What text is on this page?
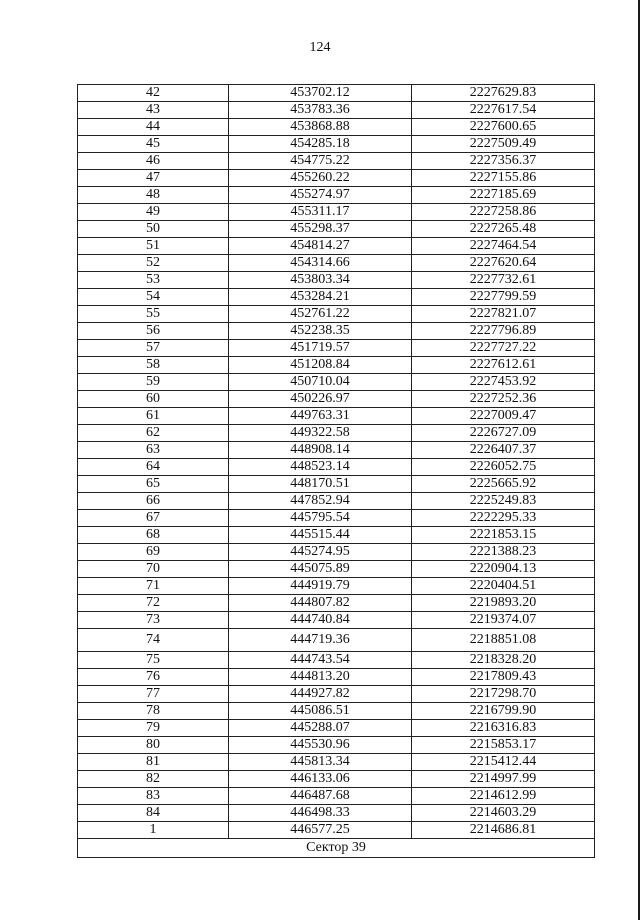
124
42	453702.12	2227629.83
43	453783.36	2227617.54
44	453868.88	2227600.65
45	454285.18	2227509.49
46	454775.22	2227356.37
47	455260.22	2227155.86
48	455274.97	2227185.69
49	455311.17	2227258.86
50	455298.37	2227265.48
51	454814.27	2227464.54
52	454314.66	2227620.64
53	453803.34	2227732.61
54	453284.21	2227799.59
55	452761.22	2227821.07
56	452238.35	2227796.89
57	451719.57	2227727.22
58	451208.84	2227612.61
59	450710.04	2227453.92
60	450226.97	2227252.36
61	449763.31	2227009.47
62	449322.58	2226727.09
63	448908.14	2226407.37
64	448523.14	2226052.75
65	448170.51	2225665.92
66	447852.94	2225249.83
67	445795.54	2222295.33
68	445515.44	2221853.15
69	445274.95	2221388.23
70	445075.89	2220904.13
71	444919.79	2220404.51
72	444807.82	2219893.20
73	444740.84	2219374.07
74	444719.36	2218851.08
75	444743.54	2218328.20
76	444813.20	2217809.43
77	444927.82	2217298.70
78	445086.51	2216799.90
79	445288.07	2216316.83
80	445530.96	2215853.17
81	445813.34	2215412.44
82	446133.06	2214997.99
83	446487.68	2214612.99
84	446498.33	2214603.29
1	446577.25	2214686.81
Сектор 39		
